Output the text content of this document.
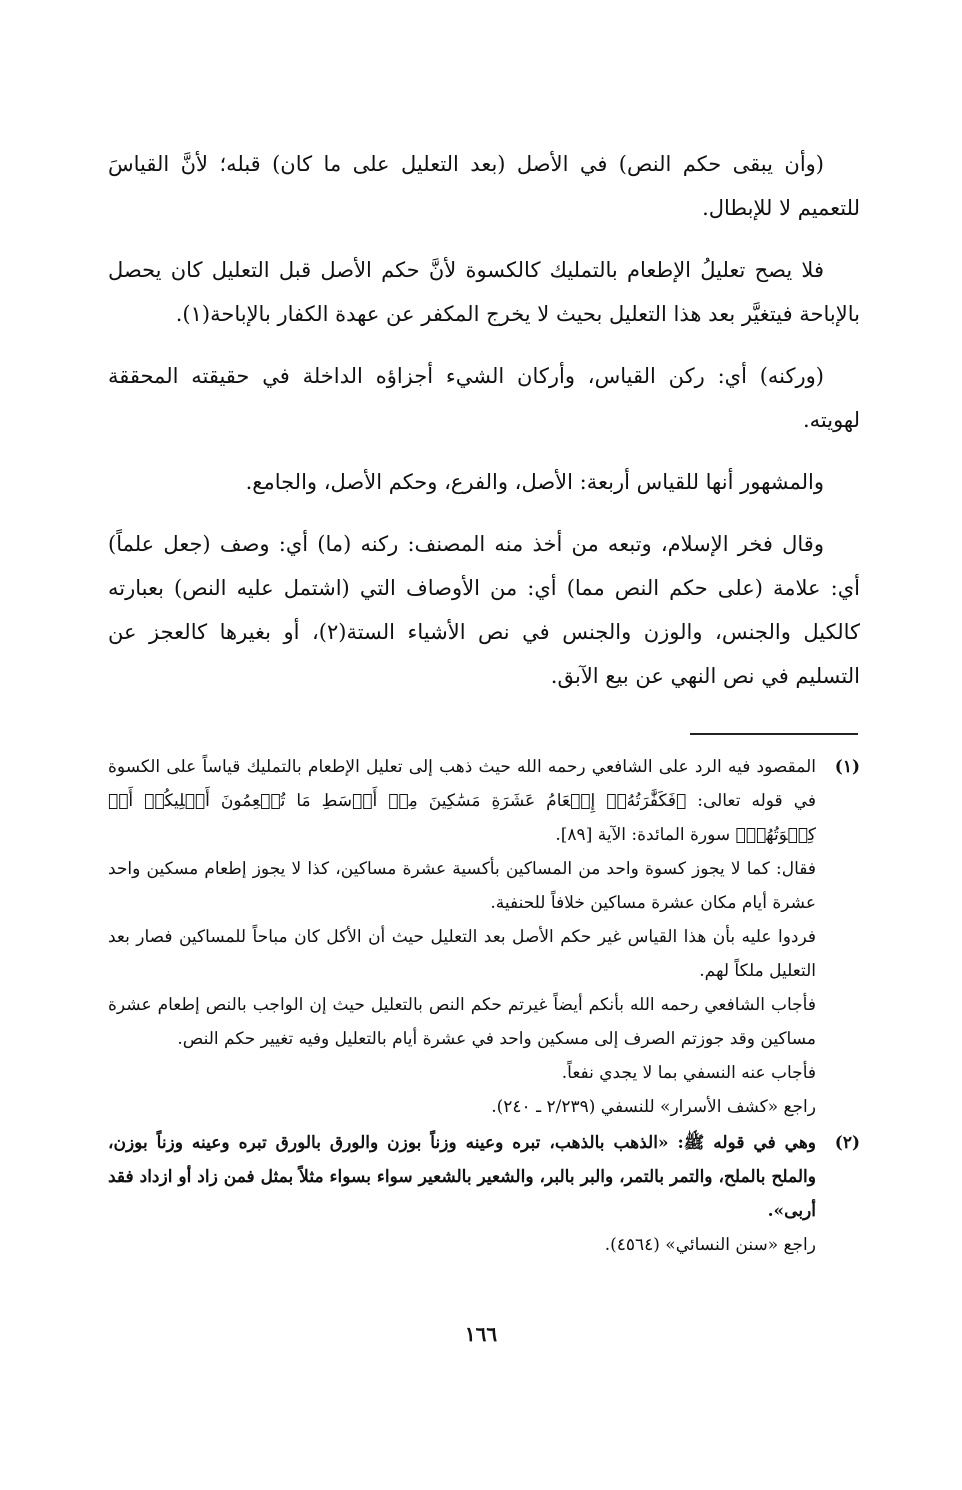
(وأن يبقى حكم النص) في الأصل (بعد التعليل على ما كان) قبله؛ لأنَّ القياسَ للتعميم لا للإبطال.

فلا يصح تعليلُ الإطعام بالتمليك كالكسوة لأنَّ حكم الأصل قبل التعليل كان يحصل بالإباحة فيتغيَّر بعد هذا التعليل بحيث لا يخرج المكفر عن عهدة الكفار بالإباحة(١).

(وركنه) أي: ركن القياس، وأركان الشيء أجزاؤه الداخلة في حقيقته المحققة لهويته.

والمشهور أنها للقياس أربعة: الأصل، والفرع، وحكم الأصل، والجامع.

وقال فخر الإسلام، وتبعه من أخذ منه المصنف: ركنه (ما) أي: وصف (جعل علماً) أي: علامة (على حكم النص مما) أي: من الأوصاف التي (اشتمل عليه النص) بعبارته كالكيل والجنس، والوزن والجنس في نص الأشياء الستة(٢)، أو بغيرها كالعجز عن التسليم في نص النهي عن بيع الآبق.

(١)

المقصود فيه الرد على الشافعي رحمه الله حيث ذهب إلى تعليل الإطعام بالتمليك قياساً على الكسوة في قوله تعالى: ﴿فَكَفَّٰرَتُهُۥٓ إِطۡعَامُ عَشَرَةِ مَسَٰكِينَ مِنۡ أَوۡسَطِ مَا تُطۡعِمُونَ أَهۡلِيكُمۡ أَوۡ كِسۡوَتُهُمۡ﴾ سورة المائدة: الآية [٨٩].

فقال: كما لا يجوز كسوة واحد من المساكين بأكسية عشرة مساكين، كذا لا يجوز إطعام مسكين واحد عشرة أيام مكان عشرة مساكين خلافاً للحنفية.

فردوا عليه بأن هذا القياس غير حكم الأصل بعد التعليل حيث أن الأكل كان مباحاً للمساكين فصار بعد التعليل ملكاً لهم.

فأجاب الشافعي رحمه الله بأنكم أيضاً غيرتم حكم النص بالتعليل حيث إن الواجب بالنص إطعام عشرة مساكين وقد جوزتم الصرف إلى مسكين واحد في عشرة أيام بالتعليل وفيه تغيير حكم النص.

فأجاب عنه النسفي بما لا يجدي نفعاً.

راجع «كشف الأسرار» للنسفي (٢/٢٣٩ ـ ٢٤٠).

(٢)

وهي في قوله ﷺ: «الذهب بالذهب، تبره وعينه وزناً بوزن والورق بالورق تبره وعينه وزناً بوزن، والملح بالملح، والتمر بالتمر، والبر بالبر، والشعير بالشعير سواء بسواء مثلاً بمثل فمن زاد أو ازداد فقد أربى».

راجع «سنن النسائي» (٤٥٦٤).

١٦٦
